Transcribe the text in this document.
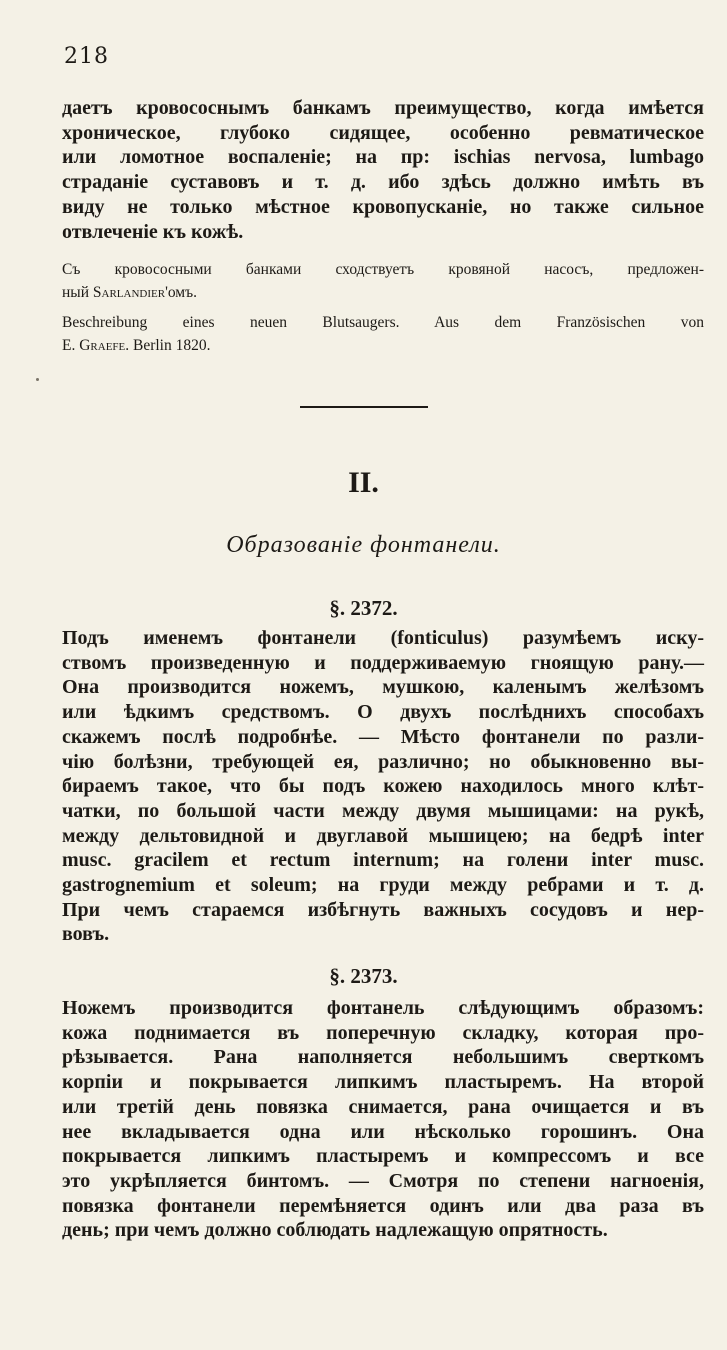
218
даетъ кровососнымъ банкамъ преимущество, когда имѣется
хроническое, глубоко сидящее, особенно ревматическое
или ломотное воспаленіе; на пр: ischias nervosa, lumbago
страданіе суставовъ и т. д. ибо здѣсь должно имѣть въ
виду не только мѣстное кровопусканіе, но также сильное
отвлеченіе къ кожѣ.
Съ кровососными банками сходствуетъ кровяной насосъ, предложен-
ный Sarlandier'омъ.
Beschreibung eines neuen Blutsaugers. Aus dem Französischen von
E. Graefe. Berlin 1820.
II.
Образованіе фонтанели.
§. 2372.
Подъ именемъ фонтанели (fonticulus) разумѣемъ иску-
ствомъ произведенную и поддерживаемую гноящую рану.—
Она производится ножемъ, мушкою, каленымъ желѣзомъ
или ѣдкимъ средствомъ. О двухъ послѣднихъ способахъ
скажемъ послѣ подробнѣе. — Мѣсто фонтанели по разли-
чію болѣзни, требующей ея, различно; но обыкновенно вы-
бираемъ такое, что бы подъ кожею находилось много клѣт-
чатки, по большой части между двумя мышицами: на рукѣ,
между дельтовидной и двуглавой мышицею; на бедрѣ inter
musc. gracilem et rectum internum; на голени inter musc.
gastrognemium et soleum; на груди между ребрами и т. д.
При чемъ стараемся избѣгнуть важныхъ сосудовъ и нер-
вовъ.
§. 2373.
Ножемъ производится фонтанель слѣдующимъ образомъ:
кожа поднимается въ поперечную складку, которая про-
рѣзывается. Рана наполняется небольшимъ сверткомъ
корпіи и покрывается липкимъ пластыремъ. На второй
или третій день повязка снимается, рана очищается и въ
нее вкладывается одна или нѣсколько горошинъ. Она
покрывается липкимъ пластыремъ и компрессомъ и все
это укрѣпляется бинтомъ. — Смотря по степени нагноенія,
повязка фонтанели перемѣняется одинъ или два раза въ
день; при чемъ должно соблюдать надлежащую опрятность.
